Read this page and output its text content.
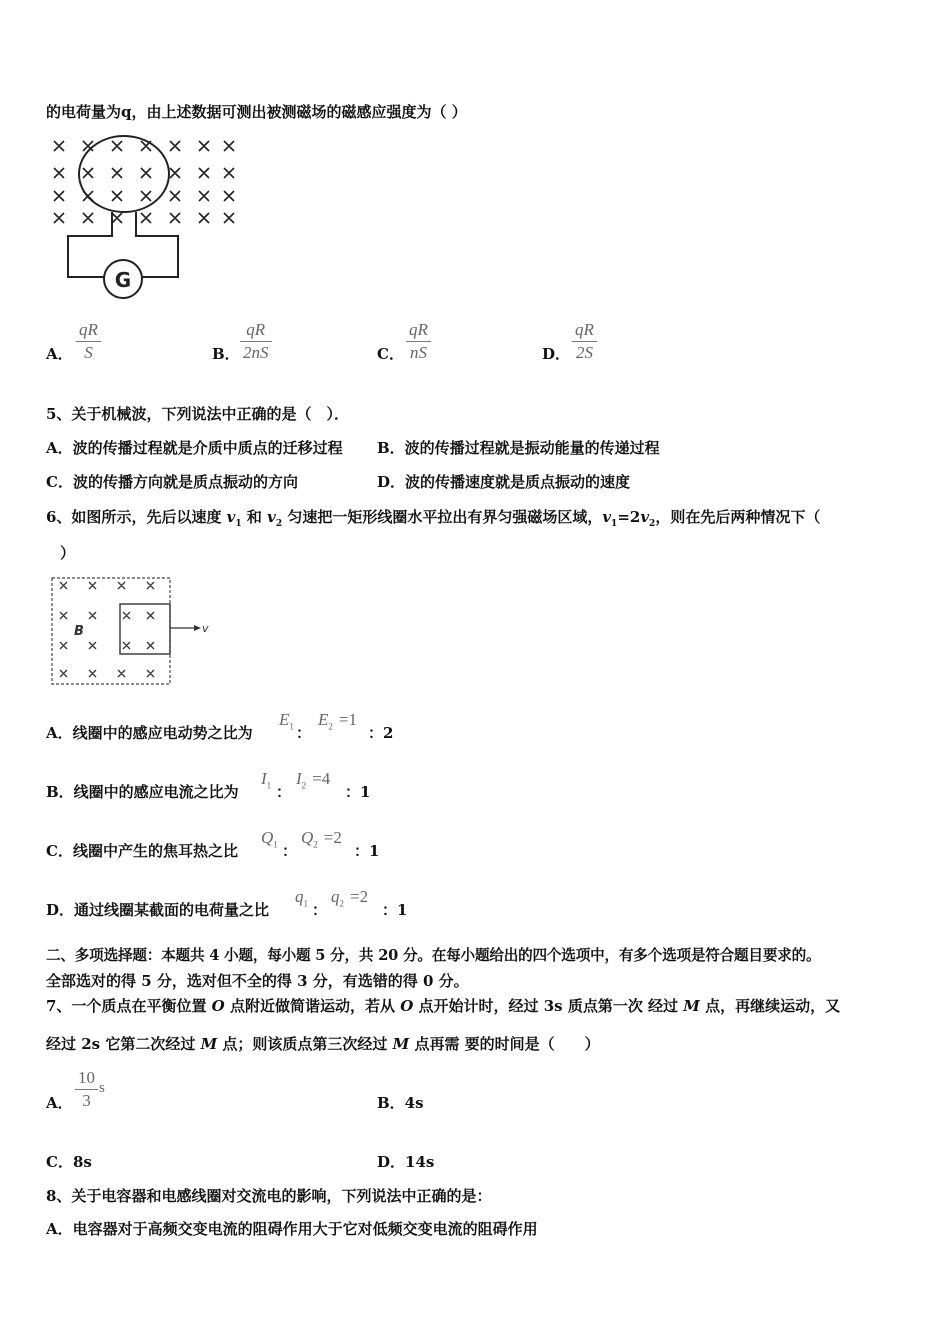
的电荷量为q，由上述数据可测出被测磁场的磁感应强度为（ ）
G
A．
qR
S	B．
qR
2nS	C．
qR
nS	D．
qR
2S
5、关于机械波，下列说法中正确的是（　）．
A．波的传播过程就是介质中质点的迁移过程 B．波的传播过程就是振动能量的传递过程
C．波的传播方向就是质点振动的方向	D．波的传播速度就是质点振动的速度
6、如图所示，先后以速度 $v_1$ 和 $v_2$ 匀速把一矩形线圈水平拉出有界匀强磁场区域，$v_1=2v_2$，则在先后两种情况下（
）
B	v
A．线圈中的感应电动势之比为
$E_1$ ：
$E_2 =1$
：2
B．线圈中的感应电流之比为
$I_1$ ：
$I_2 =4$
：1
C．线圈中产生的焦耳热之比
$Q_1$ ：
$Q_2 =2$
：1
D．通过线圈某截面的电荷量之比
$q_1$ ：
$q_2 =2$
：1
二、多项选择题：本题共 4 小题，每小题 5 分，共 20 分。在每小题给出的四个选项中，有多个选项是符合题目要求的。
全部选对的得 5 分，选对但不全的得 3 分，有选错的得 0 分。
7、一个质点在平衡位置 O 点附近做简谐运动，若从 O 点开始计时，经过 3s 质点第一次 经过 M 点，再继续运动，又
经过 2s 它第二次经过 M 点；则该质点第三次经过 M 点再需 要的时间是（　　）
A．
10
3
s
B．4s
C．8s	D．14s
8、关于电容器和电感线圈对交流电的影响，下列说法中正确的是：
A．电容器对于高频交变电流的阻碍作用大于它对低频交变电流的阻碍作用
